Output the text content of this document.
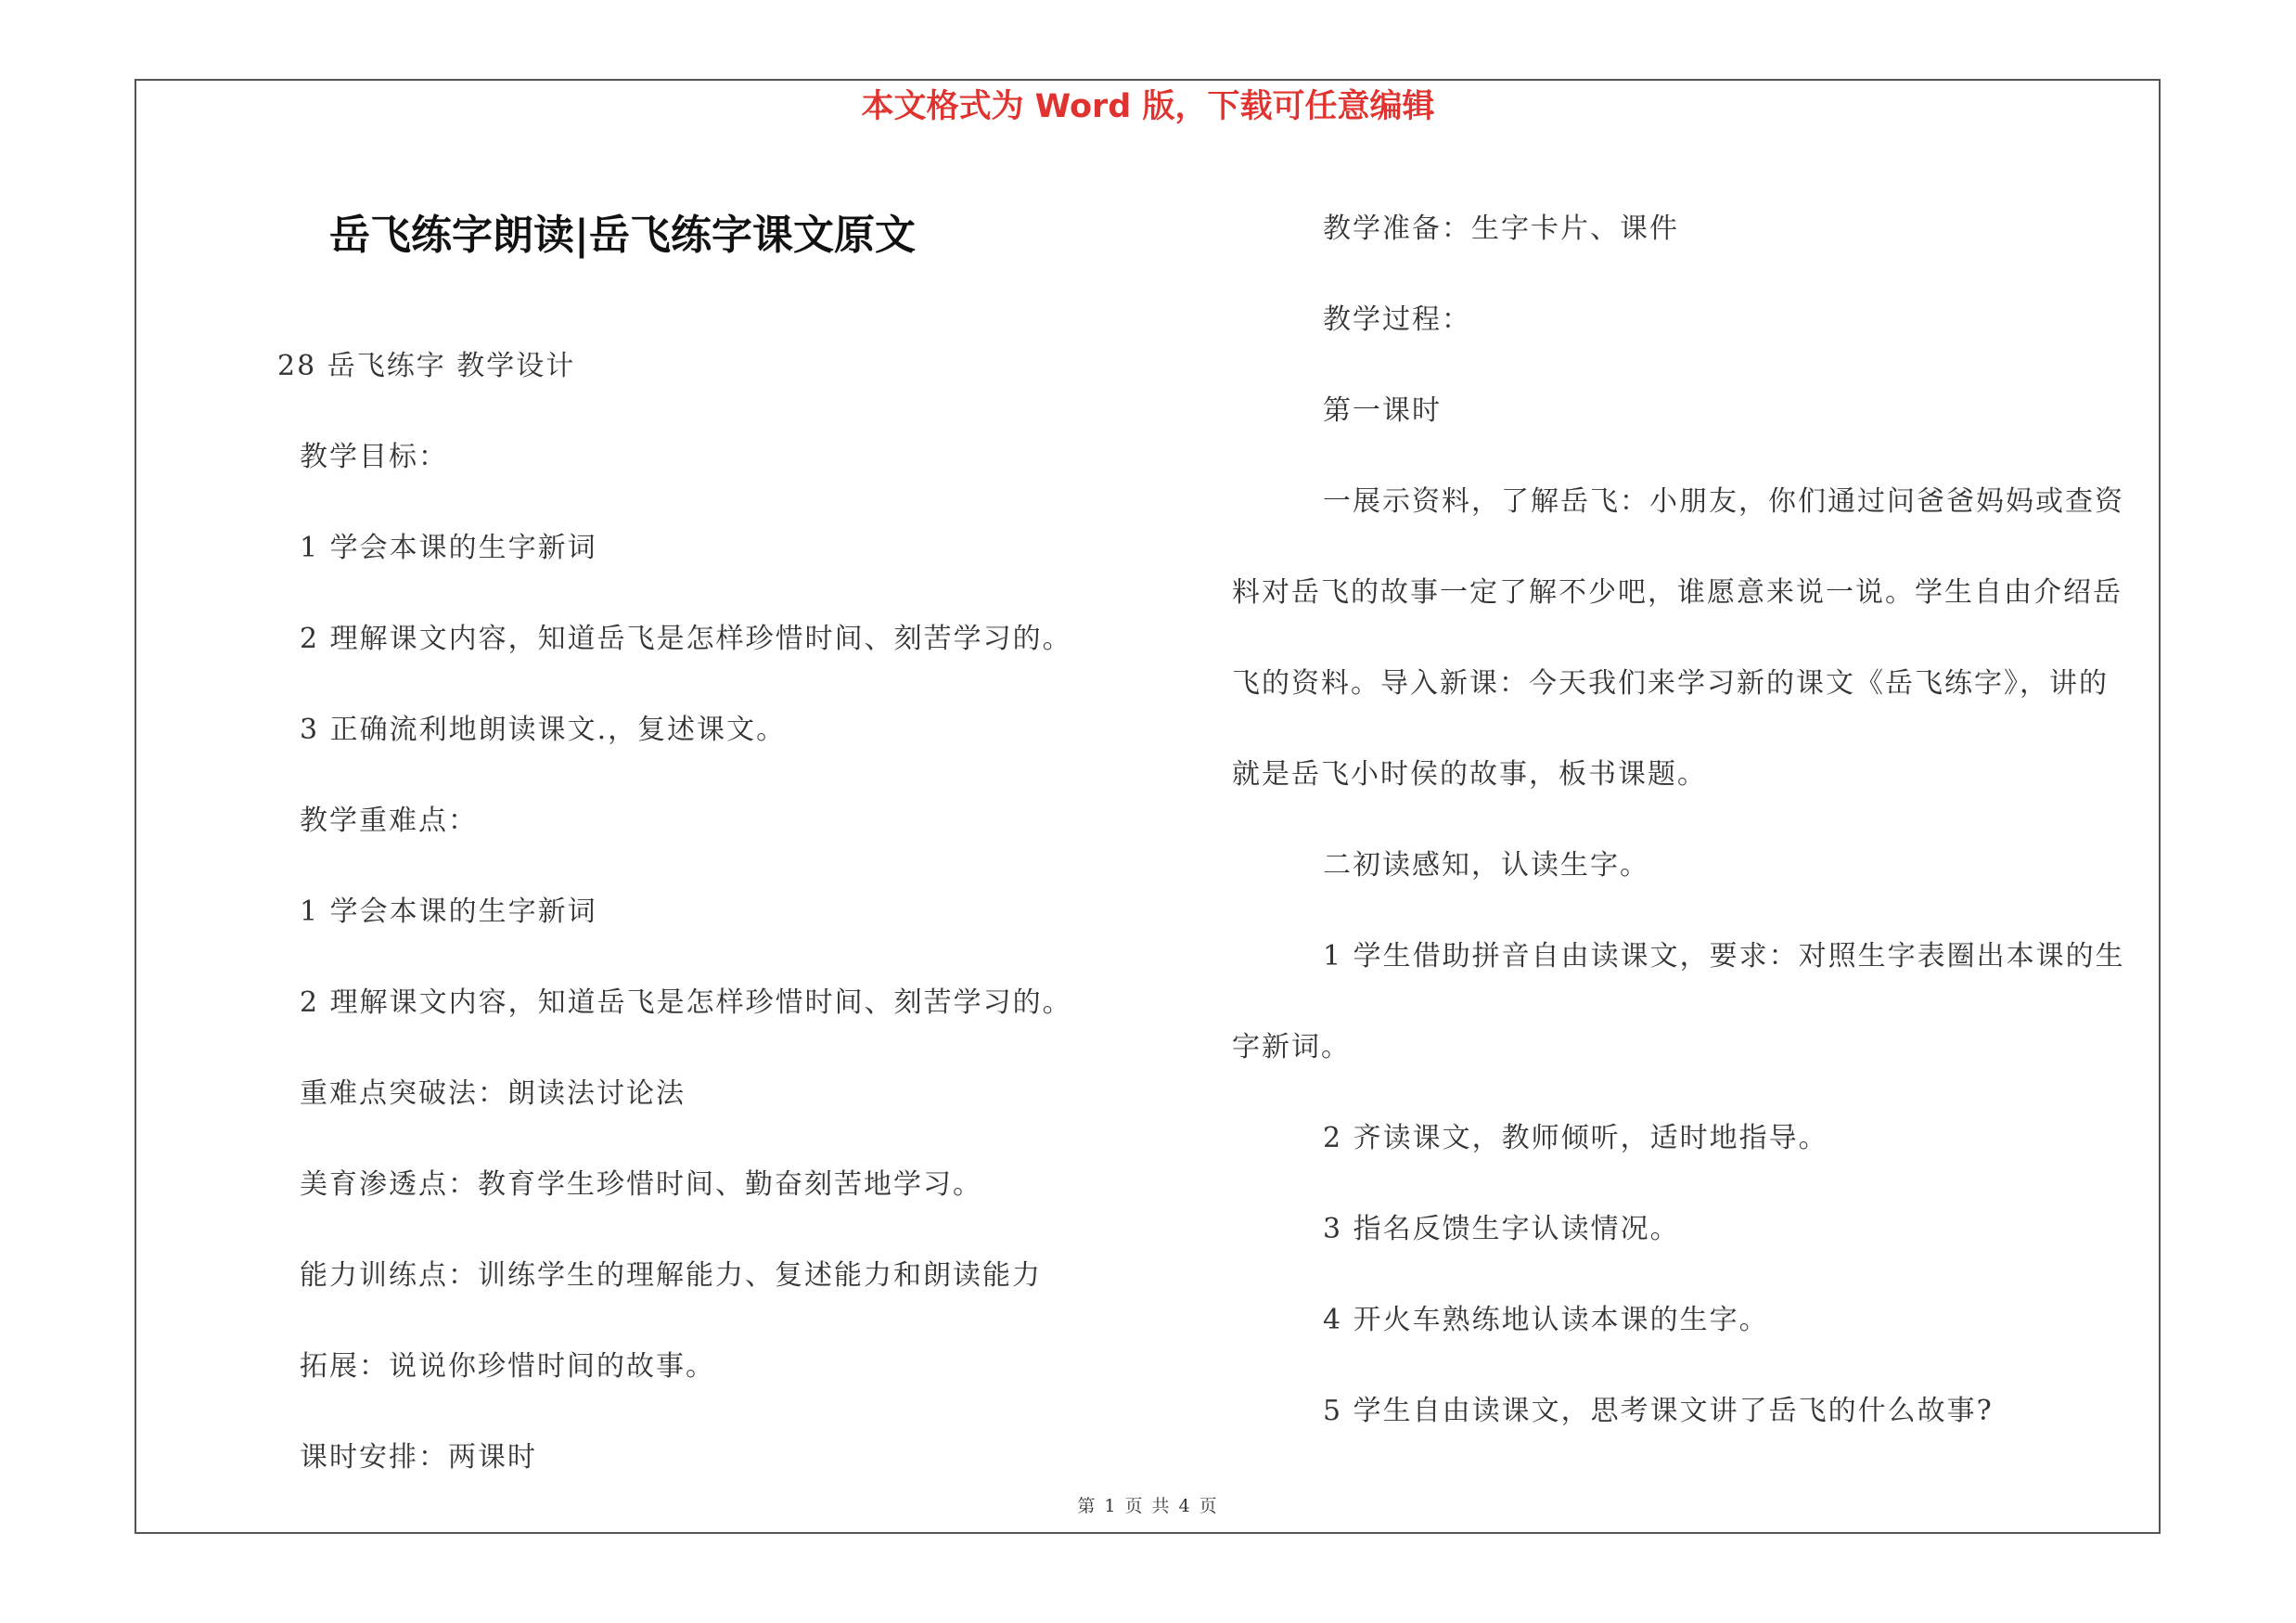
本文格式为 Word 版，下载可任意编辑
岳飞练字朗读|岳飞练字课文原文

28 岳飞练字 教学设计

教学目标：

1 学会本课的生字新词

2 理解课文内容，知道岳飞是怎样珍惜时间、刻苦学习的。

3 正确流利地朗读课文.，复述课文。

教学重难点：

1 学会本课的生字新词

2 理解课文内容，知道岳飞是怎样珍惜时间、刻苦学习的。

重难点突破法：朗读法讨论法

美育渗透点：教育学生珍惜时间、勤奋刻苦地学习。

能力训练点：训练学生的理解能力、复述能力和朗读能力

拓展：说说你珍惜时间的故事。

课时安排：两课时

教学准备：生字卡片、课件

教学过程：

第一课时

一展示资料，了解岳飞：小朋友，你们通过问爸爸妈妈或查资

料对岳飞的故事一定了解不少吧，谁愿意来说一说。学生自由介绍岳

飞的资料。导入新课：今天我们来学习新的课文《岳飞练字》，讲的

就是岳飞小时侯的故事，板书课题。

二初读感知，认读生字。

1 学生借助拼音自由读课文，要求：对照生字表圈出本课的生

字新词。

2 齐读课文，教师倾听，适时地指导。

3 指名反馈生字认读情况。

4 开火车熟练地认读本课的生字。

5 学生自由读课文，思考课文讲了岳飞的什么故事?

第 1 页 共 4 页
